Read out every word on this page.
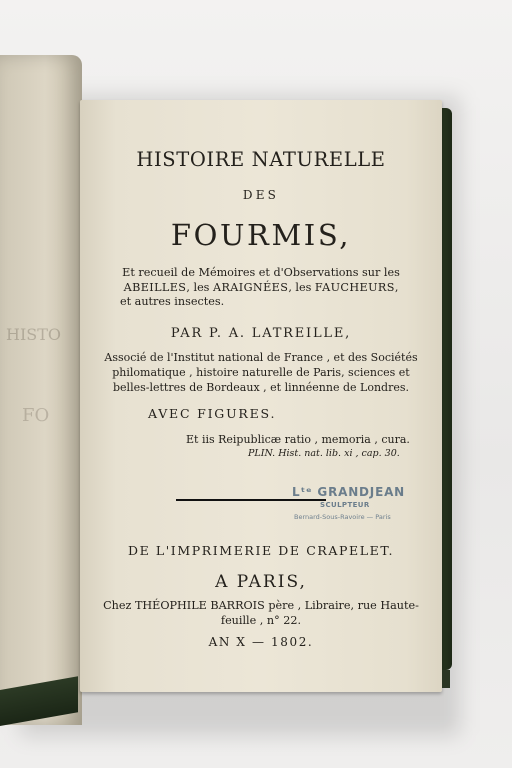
HISTO
FO
HISTOIRE NATURELLE
DES
FOURMIS,
Et recueil de Mémoires et d'Observations sur les
ABEILLES, les ARAIGNÉES, les FAUCHEURS,
et autres insectes.
PAR P. A. LATREILLE,
Associé de l'Institut national de France , et des Sociétés
philomatique , histoire naturelle de Paris, sciences et
belles-lettres de Bordeaux , et linnéenne de Londres.
AVEC FIGURES.
Et iis Reipublicæ ratio , memoria , cura.
PLIN. Hist. nat. lib. xi , cap. 30.
Lᵗᵉ GRANDJEAN
SCULPTEUR
Bernard-Sous-Ravoire — Paris
DE L'IMPRIMERIE DE CRAPELET.
A PARIS,
Chez THÉOPHILE BARROIS père , Libraire, rue Haute-
feuille , n° 22.
AN X — 1802.
